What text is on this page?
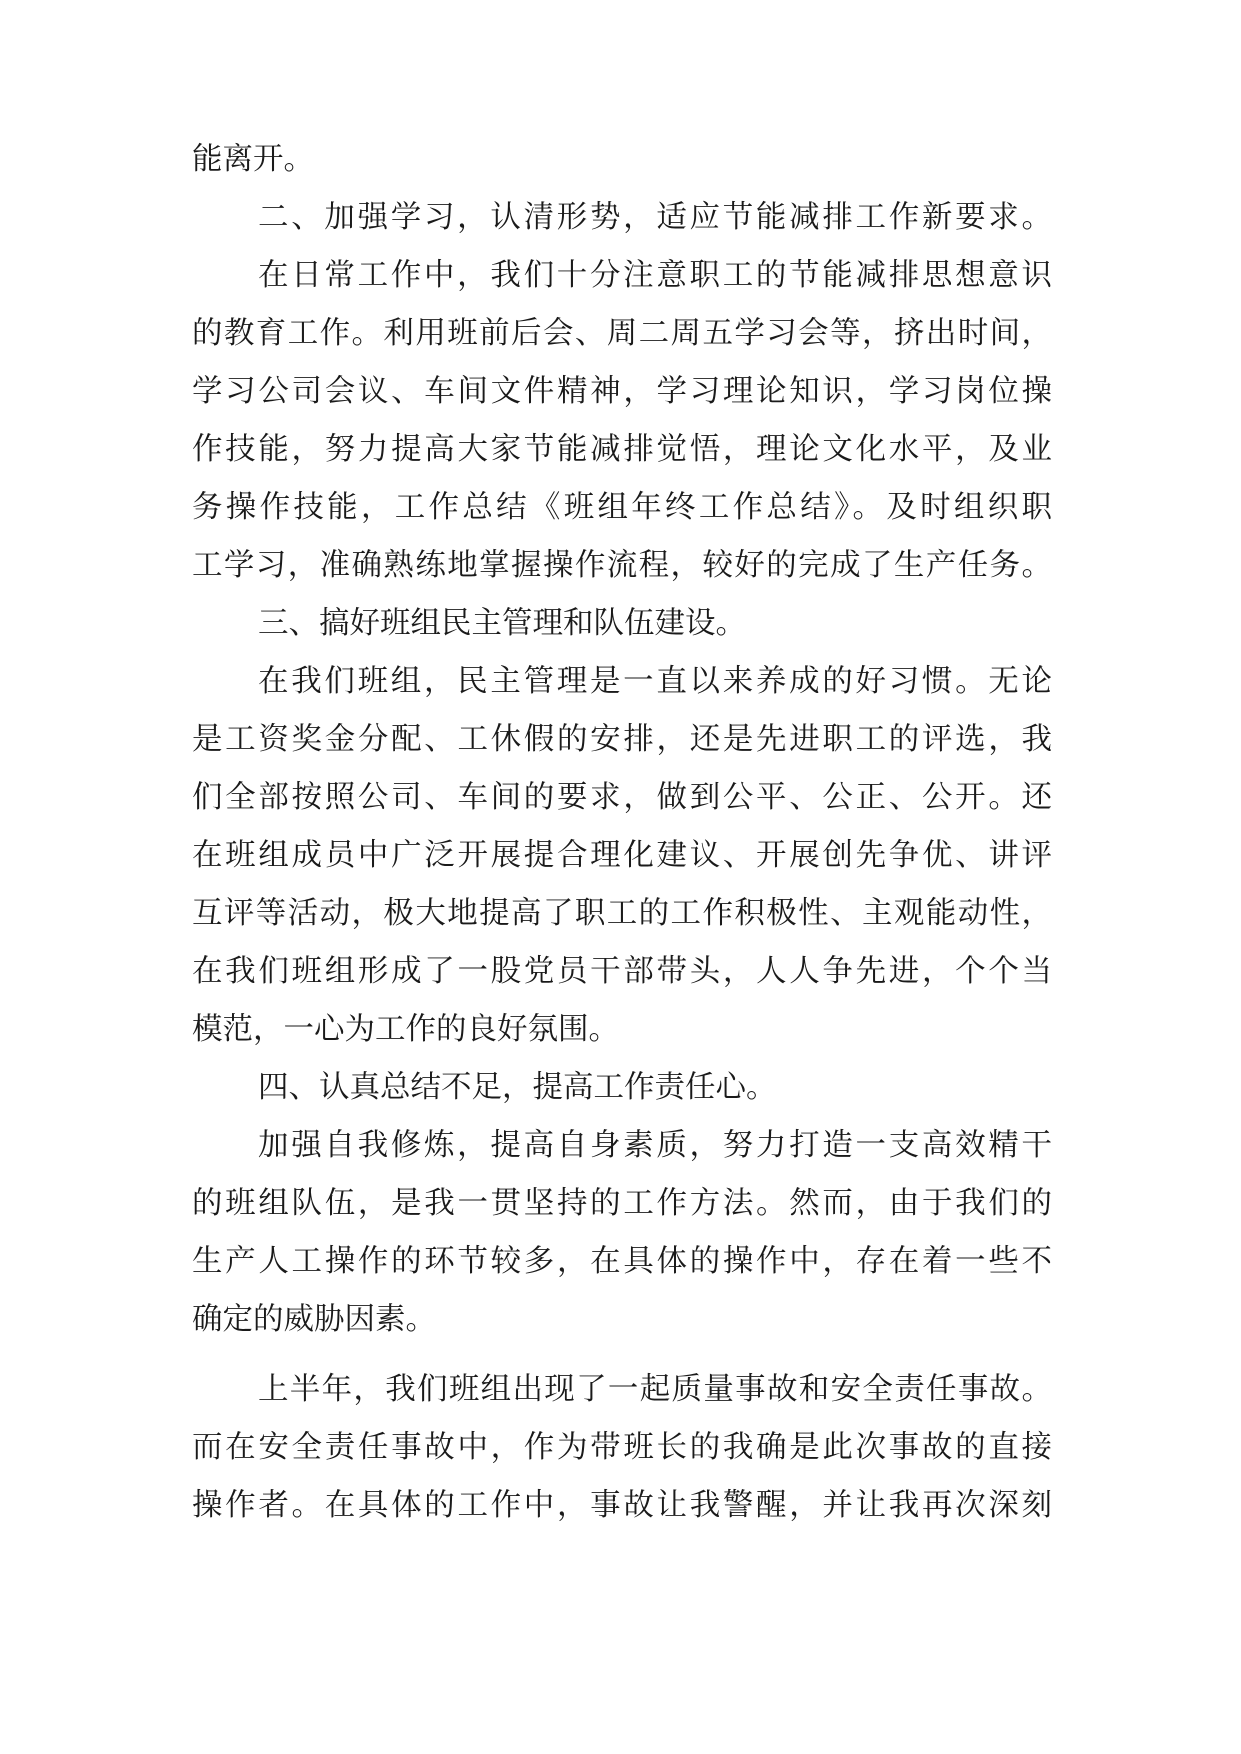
能离开。
二、加强学习，认清形势，适应节能减排工作新要求。
在日常工作中，我们十分注意职工的节能减排思想意识
的教育工作。利用班前后会、周二周五学习会等，挤出时间，
学习公司会议、车间文件精神，学习理论知识，学习岗位操
作技能，努力提高大家节能减排觉悟，理论文化水平，及业
务操作技能，工作总结《班组年终工作总结》。及时组织职
工学习，准确熟练地掌握操作流程，较好的完成了生产任务。
三、搞好班组民主管理和队伍建设。
在我们班组，民主管理是一直以来养成的好习惯。无论
是工资奖金分配、工休假的安排，还是先进职工的评选，我
们全部按照公司、车间的要求，做到公平、公正、公开。还
在班组成员中广泛开展提合理化建议、开展创先争优、讲评
互评等活动，极大地提高了职工的工作积极性、主观能动性，
在我们班组形成了一股党员干部带头，人人争先进，个个当
模范，一心为工作的良好氛围。
四、认真总结不足，提高工作责任心。
加强自我修炼，提高自身素质，努力打造一支高效精干
的班组队伍，是我一贯坚持的工作方法。然而，由于我们的
生产人工操作的环节较多，在具体的操作中，存在着一些不
确定的威胁因素。
上半年，我们班组出现了一起质量事故和安全责任事故。
而在安全责任事故中，作为带班长的我确是此次事故的直接
操作者。在具体的工作中，事故让我警醒，并让我再次深刻
